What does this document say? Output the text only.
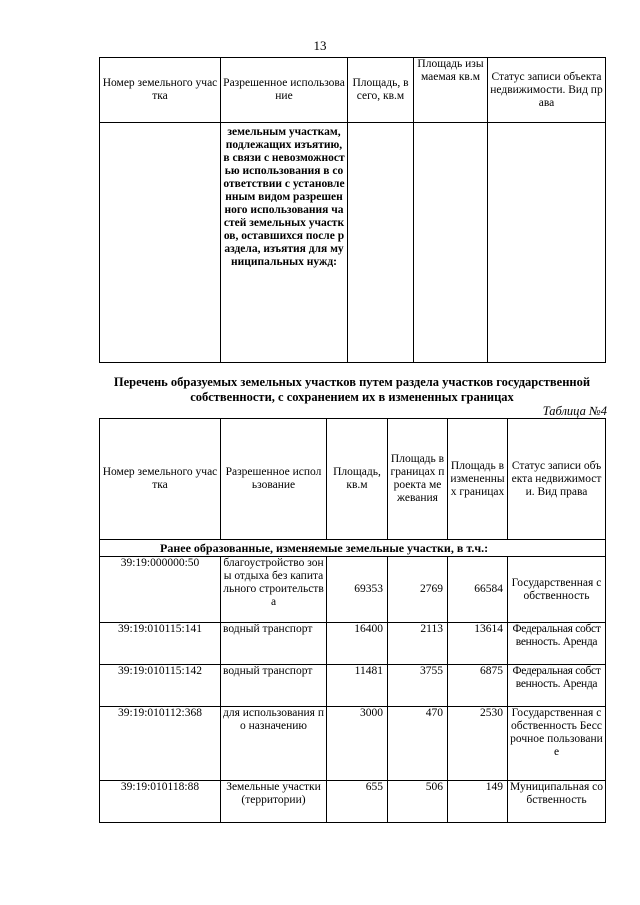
13
Номер земельного участка	Разрешенное использование	Площадь, всего, кв.м	Площадь изымаемая кв.м	Статус записи объекта недвижимости. Вид права
	земельным участкам, подлежащих изъятию, в связи с невозможностью использования в соответствии с установленным видом разрешенного использования частей земельных участков, оставшихся после раздела, изъятия для муниципальных нужд:			
Перечень образуемых земельных участков путем раздела участков государственной собственности, с сохранением их в измененных границах
Таблица №4
Номер земельного участка	Разрешенное использование	Площадь, кв.м	Площадь в границах проекта межевания	Площадь в измененных границах	Статус записи объекта недвижимости. Вид права
Ранее образованные, изменяемые земельные участки, в т.ч.:					
39:19:000000:50	благоустройство зоны отдыха без капитального строительства	69353	2769	66584	Государственная собственность
39:19:010115:141	водный транспорт	16400	2113	13614	Федеральная собственность. Аренда
39:19:010115:142	водный транспорт	11481	3755	6875	Федеральная собственность. Аренда
39:19:010112:368	для использования по назначению	3000	470	2530	Государственная собственность Бессрочное пользование
39:19:010118:88	Земельные участки (территории)	655	506	149	Муниципальная собственность
